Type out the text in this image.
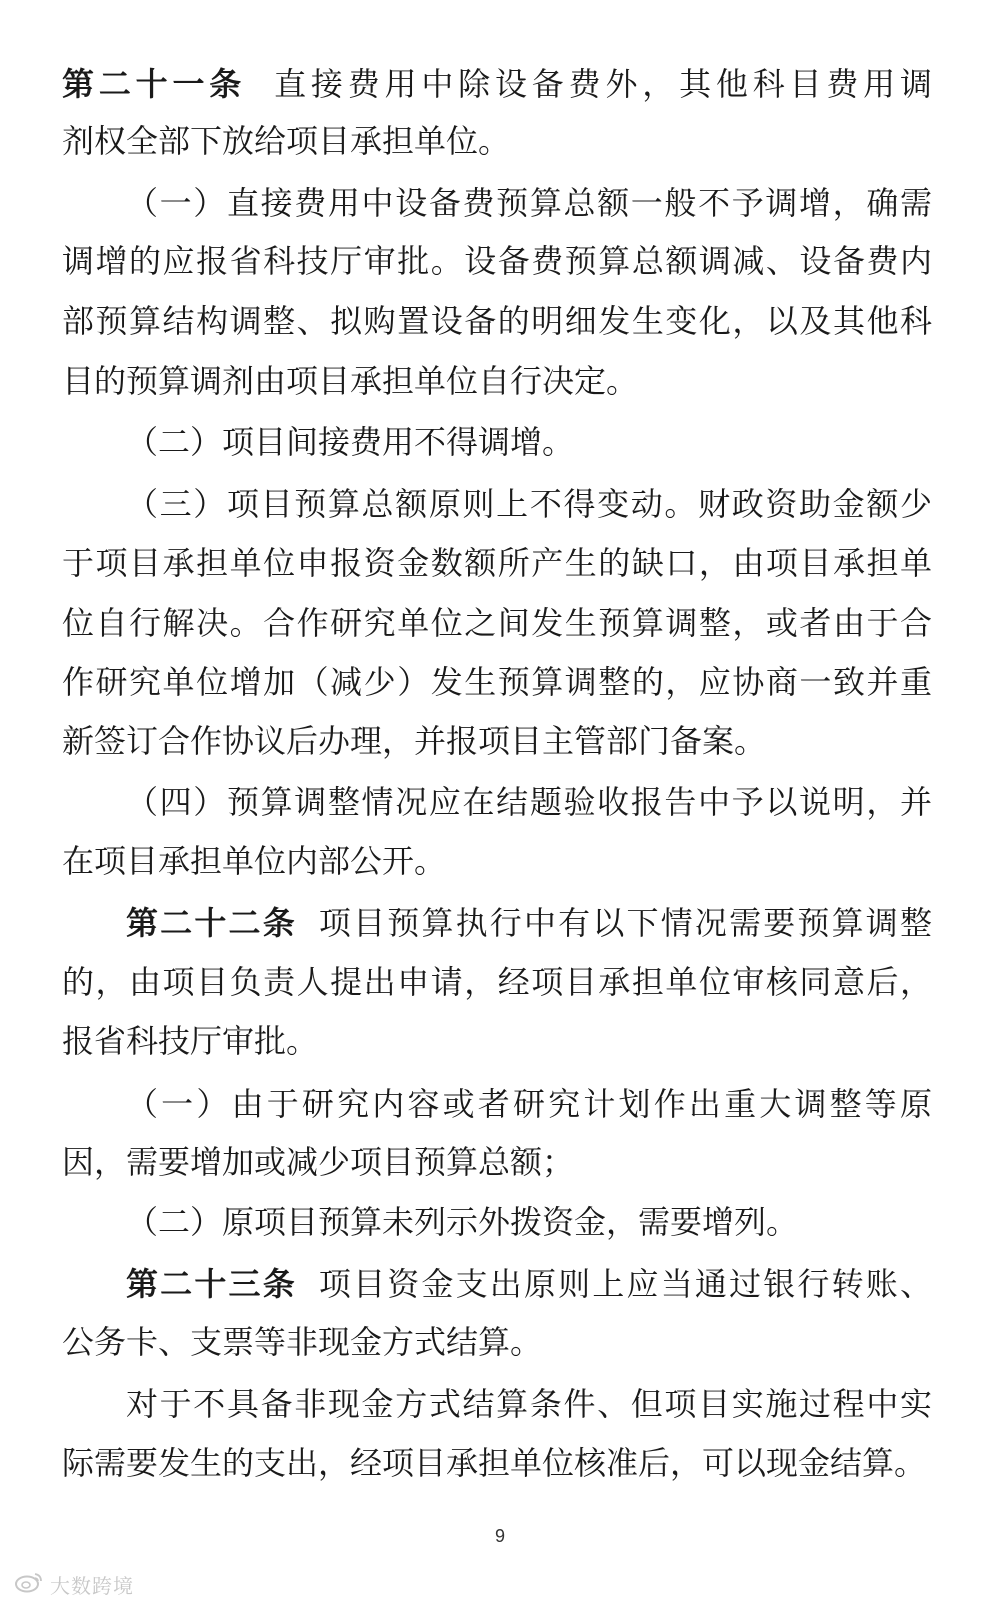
第二十一条 直接费用中除设备费外，其他科目费用调
剂权全部下放给项目承担单位。
（一）直接费用中设备费预算总额一般不予调增，确需
调增的应报省科技厅审批。设备费预算总额调减、设备费内
部预算结构调整、拟购置设备的明细发生变化，以及其他科
目的预算调剂由项目承担单位自行决定。
（二）项目间接费用不得调增。
（三）项目预算总额原则上不得变动。财政资助金额少
于项目承担单位申报资金数额所产生的缺口，由项目承担单
位自行解决。合作研究单位之间发生预算调整，或者由于合
作研究单位增加（减少）发生预算调整的，应协商一致并重
新签订合作协议后办理，并报项目主管部门备案。
（四）预算调整情况应在结题验收报告中予以说明，并
在项目承担单位内部公开。
第二十二条 项目预算执行中有以下情况需要预算调整
的，由项目负责人提出申请，经项目承担单位审核同意后，
报省科技厅审批。
（一）由于研究内容或者研究计划作出重大调整等原
因，需要增加或减少项目预算总额；
（二）原项目预算未列示外拨资金，需要增列。
第二十三条 项目资金支出原则上应当通过银行转账、
公务卡、支票等非现金方式结算。
对于不具备非现金方式结算条件、但项目实施过程中实
际需要发生的支出，经项目承担单位核准后，可以现金结算。
9
大数跨境
